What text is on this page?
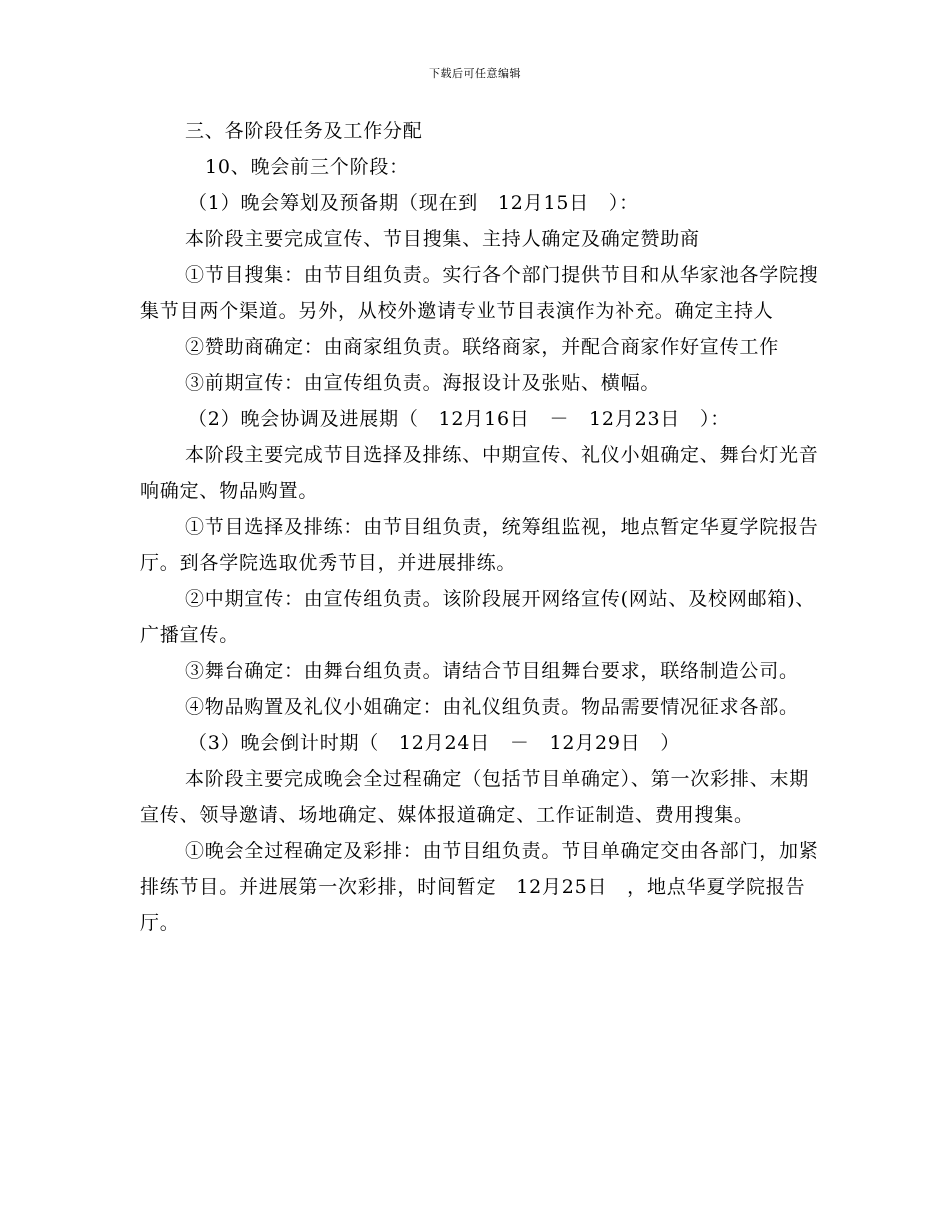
下载后可任意编辑

三、各阶段任务及工作分配

10、晚会前三个阶段：

（1）晚会筹划及预备期（现在到　12月15日　）：

本阶段主要完成宣传、节目搜集、主持人确定及确定赞助商

①节目搜集：由节目组负责。实行各个部门提供节目和从华家池各学院搜集节目两个渠道。另外，从校外邀请专业节目表演作为补充。确定主持人

②赞助商确定：由商家组负责。联络商家，并配合商家作好宣传工作

③前期宣传：由宣传组负责。海报设计及张贴、横幅。

（2）晚会协调及进展期（　12月16日　－　12月23日　）：

本阶段主要完成节目选择及排练、中期宣传、礼仪小姐确定、舞台灯光音响确定、物品购置。

①节目选择及排练：由节目组负责，统筹组监视，地点暂定华夏学院报告厅。到各学院选取优秀节目，并进展排练。

②中期宣传：由宣传组负责。该阶段展开网络宣传(网站、及校网邮箱)、广播宣传。

③舞台确定：由舞台组负责。请结合节目组舞台要求，联络制造公司。

④物品购置及礼仪小姐确定：由礼仪组负责。物品需要情况征求各部。

（3）晚会倒计时期（　12月24日　－　12月29日　）

本阶段主要完成晚会全过程确定（包括节目单确定）、第一次彩排、末期宣传、领导邀请、场地确定、媒体报道确定、工作证制造、费用搜集。

①晚会全过程确定及彩排：由节目组负责。节目单确定交由各部门，加紧排练节目。并进展第一次彩排，时间暂定　12月25日　，地点华夏学院报告厅。
